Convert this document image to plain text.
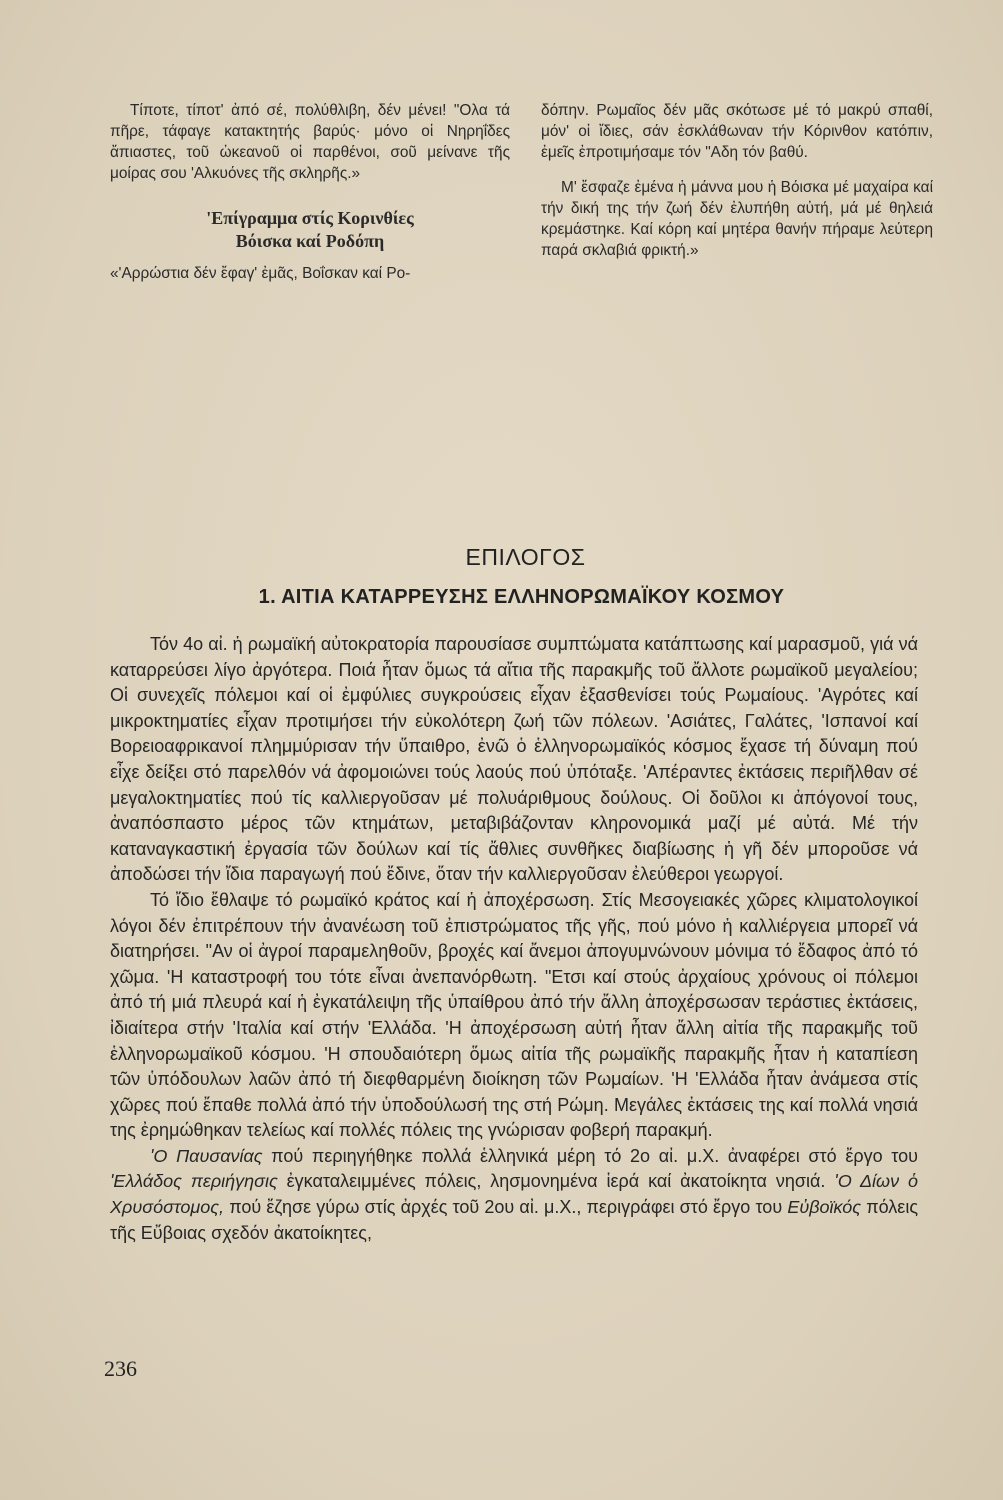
Τίποτε, τίποτ' ἀπό σέ, πολύθλιβη, δέν μένει! "Ολα τά πῆρε, τάφαγε κατακτητής βαρύς· μόνο οἱ Νηρηΐδες ἄπιαστες, τοῦ ὠκεανοῦ οἱ παρθένοι, σοῦ μείνανε τῆς μοίρας σου 'Αλκυόνες τῆς σκληρῆς.»

'Επίγραμμα στίς Κορινθίες
Βόισκα καί Ροδόπη

«'Αρρώστια δέν ἔφαγ' ἐμᾶς, Βοΐσκαν καί Ρο-

δόπην. Ρωμαῖος δέν μᾶς σκότωσε μέ τό μακρύ σπαθί, μόν' οἱ ἴδιες, σάν ἐσκλάθωναν τήν Κόρινθον κατόπιν, ἐμεῖς ἐπροτιμήσαμε τόν "Αδη τόν βαθύ.

Μ' ἔσφαζε ἐμένα ἡ μάννα μου ἡ Βόισκα μέ μαχαίρα καί τήν δική της τήν ζωή δέν ἐλυπήθη αὐτή, μά μέ θηλειά κρεμάστηκε. Καί κόρη καί μητέρα θανήν πήραμε λεύτερη παρά σκλαβιά φρικτή.»

ΕΠΙΛΟΓΟΣ
1. ΑΙΤΙΑ ΚΑΤΑΡΡΕΥΣΗΣ ΕΛΛΗΝΟΡΩΜΑΪΚΟΥ ΚΟΣΜΟΥ

Τόν 4ο αἰ. ἡ ρωμαϊκή αὐτοκρατορία παρουσίασε συμπτώματα κατάπτωσης καί μαρασμοῦ, γιά νά καταρρεύσει λίγο ἀργότερα. Ποιά ἦταν ὅμως τά αἴτια τῆς παρακμῆς τοῦ ἄλλοτε ρωμαϊκοῦ μεγαλείου; Οἱ συνεχεῖς πόλεμοι καί οἱ ἐμφύλιες συγκρούσεις εἶχαν ἐξασθενίσει τούς Ρωμαίους. 'Αγρότες καί μικροκτηματίες εἶχαν προτιμήσει τήν εὐκολότερη ζωή τῶν πόλεων. 'Ασιάτες, Γαλάτες, 'Ισπανοί καί Βορειοαφρικανοί πλημμύρισαν τήν ὕπαιθρο, ἐνῶ ὁ ἑλληνορωμαϊκός κόσμος ἔχασε τή δύναμη πού εἶχε δείξει στό παρελθόν νά ἀφομοιώνει τούς λαούς πού ὑπόταξε. 'Απέραντες ἐκτάσεις περιῆλθαν σέ μεγαλοκτηματίες πού τίς καλλιεργοῦσαν μέ πολυάριθμους δούλους. Οἱ δοῦλοι κι ἀπόγονοί τους, ἀναπόσπαστο μέρος τῶν κτημάτων, μεταβιβάζονταν κληρονομικά μαζί μέ αὐτά. Μέ τήν καταναγκαστική ἐργασία τῶν δούλων καί τίς ἄθλιες συνθῆκες διαβίωσης ἡ γῆ δέν μποροῦσε νά ἀποδώσει τήν ἴδια παραγωγή πού ἔδινε, ὅταν τήν καλλιεργοῦσαν ἐλεύθεροι γεωργοί.

Τό ἴδιο ἔθλαψε τό ρωμαϊκό κράτος καί ἡ ἀποχέρσωση. Στίς Μεσογειακές χῶρες κλιματολογικοί λόγοι δέν ἐπιτρέπουν τήν ἀνανέωση τοῦ ἐπιστρώματος τῆς γῆς, πού μόνο ἡ καλλιέργεια μπορεῖ νά διατηρήσει. "Αν οἱ ἀγροί παραμεληθοῦν, βροχές καί ἄνεμοι ἀπογυμνώνουν μόνιμα τό ἔδαφος ἀπό τό χῶμα. 'Η καταστροφή του τότε εἶναι ἀνεπανόρθωτη. "Ετσι καί στούς ἀρχαίους χρόνους οἱ πόλεμοι ἀπό τή μιά πλευρά καί ἡ ἐγκατάλειψη τῆς ὑπαίθρου ἀπό τήν ἄλλη ἀποχέρσωσαν τεράστιες ἐκτάσεις, ἰδιαίτερα στήν 'Ιταλία καί στήν 'Ελλάδα. 'Η ἀποχέρσωση αὐτή ἦταν ἄλλη αἰτία τῆς παρακμῆς τοῦ ἑλληνορωμαϊκοῦ κόσμου. 'Η σπουδαιότερη ὅμως αἰτία τῆς ρωμαϊκῆς παρακμῆς ἦταν ἡ καταπίεση τῶν ὑπόδουλων λαῶν ἀπό τή διεφθαρμένη διοίκηση τῶν Ρωμαίων. 'Η 'Ελλάδα ἦταν ἀνάμεσα στίς χῶρες πού ἔπαθε πολλά ἀπό τήν ὑποδούλωσή της στή Ρώμη. Μεγάλες ἐκτάσεις της καί πολλά νησιά της ἐρημώθηκαν τελείως καί πολλές πόλεις της γνώρισαν φοβερή παρακμή.

'Ο Παυσανίας πού περιηγήθηκε πολλά ἑλληνικά μέρη τό 2ο αἰ. μ.Χ. ἀναφέρει στό ἔργο του 'Ελλάδος περιήγησις ἐγκαταλειμμένες πόλεις, λησμονημένα ἱερά καί ἀκατοίκητα νησιά. 'Ο Δίων ὁ Χρυσόστομος, πού ἔζησε γύρω στίς ἀρχές τοῦ 2ου αἰ. μ.Χ., περιγράφει στό ἔργο του Εὐβοϊκός πόλεις τῆς Εὔβοιας σχεδόν ἀκατοίκητες,

236
